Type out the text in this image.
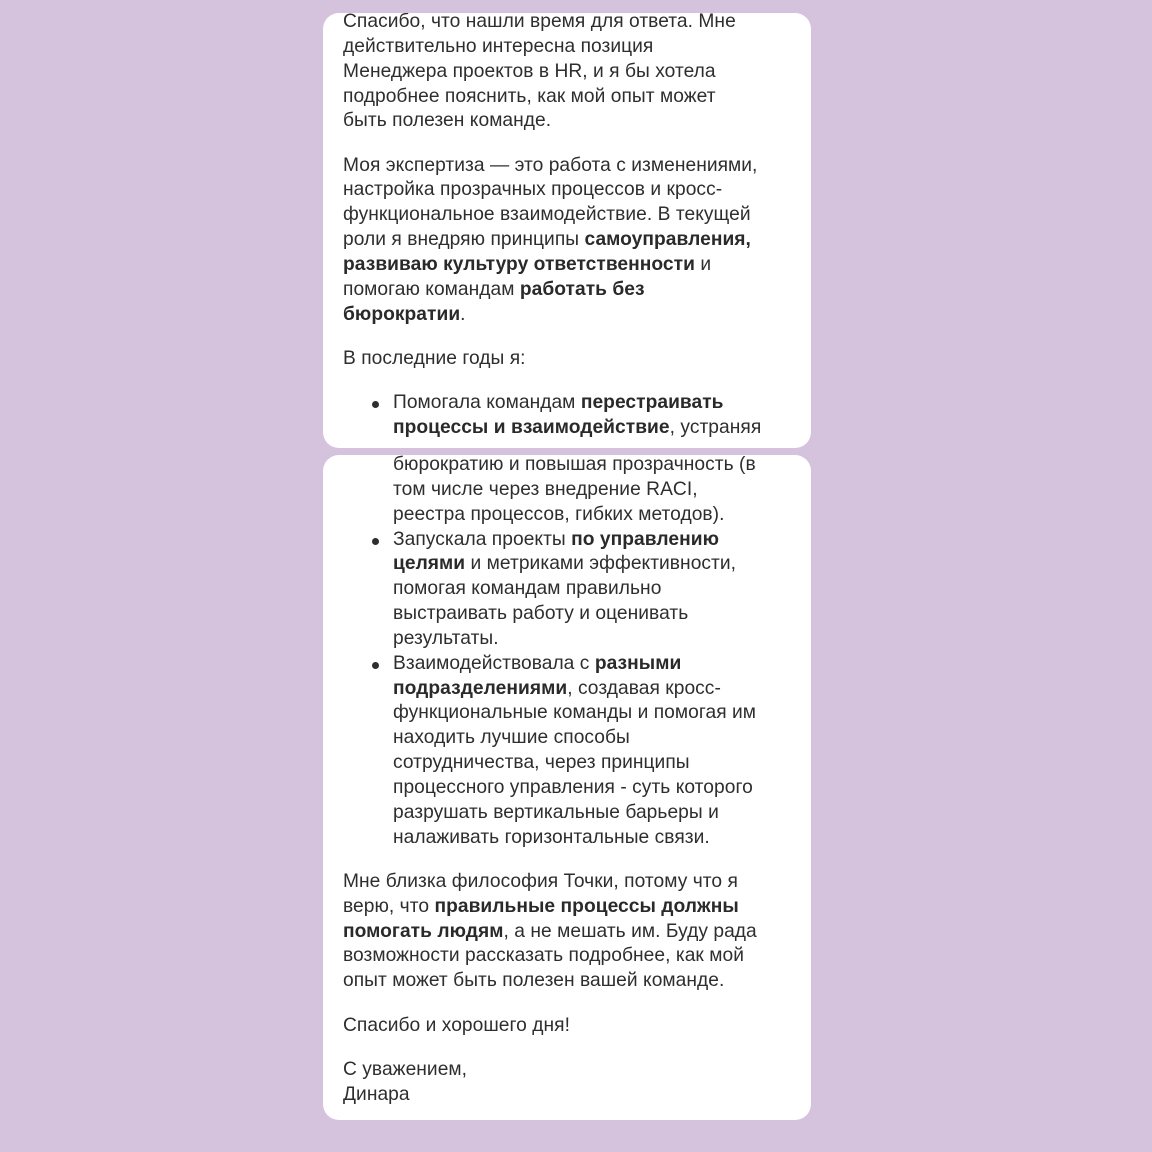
Спасибо, что нашли время для ответа. Мне
действительно интересна позиция
Менеджера проектов в HR, и я бы хотела
подробнее пояснить, как мой опыт может
быть полезен команде.

Моя экспертиза — это работа с изменениями,
настройка прозрачных процессов и кросс-
функциональное взаимодействие. В текущей
роли я внедряю принципы самоуправления,
развиваю культуру ответственности и
помогаю командам работать без
бюрократии.

В последние годы я:

Помогала командам перестраивать
процессы и взаимодействие, устраняя
бюрократию и повышая прозрачность (в
том числе через внедрение RACI,
реестра процессов, гибких методов).
Запускала проекты по управлению
целями и метриками эффективности,
помогая командам правильно
выстраивать работу и оценивать
результаты.
Взаимодействовала с разными
подразделениями, создавая кросс-
функциональные команды и помогая им
находить лучшие способы
сотрудничества, через принципы
процессного управления - суть которого
разрушать вертикальные барьеры и
налаживать горизонтальные связи.

Мне близка философия Точки, потому что я
верю, что правильные процессы должны
помогать людям, а не мешать им. Буду рада
возможности рассказать подробнее, как мой
опыт может быть полезен вашей команде.

Спасибо и хорошего дня!

С уважением,
Динара
